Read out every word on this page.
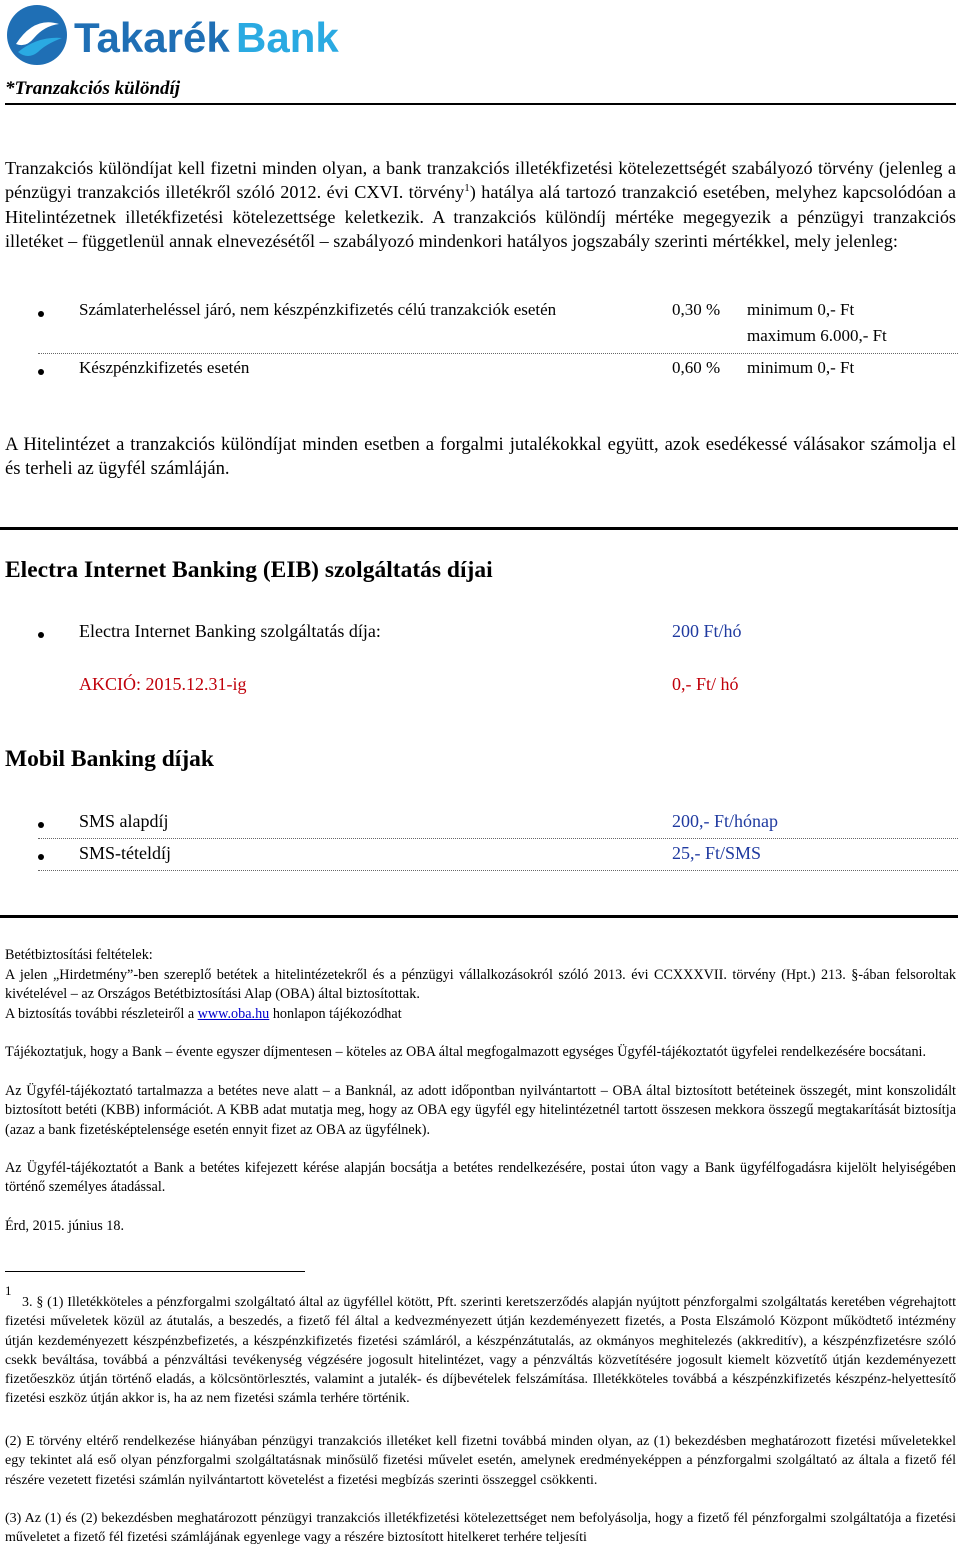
Takarék Bank
*Tranzakciós különdíj
Tranzakciós különdíjat kell fizetni minden olyan, a bank tranzakciós illetékfizetési kötelezettségét szabályozó törvény (jelenleg a pénzügyi tranzakciós illetékről szóló 2012. évi CXVI. törvény$^1$) hatálya alá tartozó tranzakció esetében, melyhez kapcsolódóan a Hitelintézetnek illetékfizetési kötelezettsége keletkezik. A tranzakciós különdíj mértéke megegyezik a pénzügyi tranzakciós illetéket – függetlenül annak elnevezésétől – szabályozó mindenkori hatályos jogszabály szerinti mértékkel, mely jelenleg:
Számlaterheléssel járó, nem készpénzkifizetés célú tranzakciók esetén	0,30 % minimum 0,- Ft
maximum 6.000,- Ft
Készpénzkifizetés esetén	0,60 % minimum 0,- Ft
A Hitelintézet a tranzakciós különdíjat minden esetben a forgalmi jutalékokkal együtt, azok esedékessé válásakor számolja el és terheli az ügyfél számláján.
Electra Internet Banking (EIB) szolgáltatás díjai
Electra Internet Banking szolgáltatás díja:	200 Ft/hó
AKCIÓ: 2015.12.31-ig	0,- Ft/ hó
Mobil Banking díjak
SMS alapdíj	200,- Ft/hónap
SMS-tételdíj	25,- Ft/SMS
Betétbiztosítási feltételek:
A jelen „Hirdetmény”-ben szereplő betétek a hitelintézetekről és a pénzügyi vállalkozásokról szóló 2013. évi CCXXXVII. törvény (Hpt.) 213. §-ában felsoroltak kivételével – az Országos Betétbiztosítási Alap (OBA) által biztosítottak.
A biztosítás további részleteiről a www.oba.hu honlapon tájékozódhat
Tájékoztatjuk, hogy a Bank – évente egyszer díjmentesen – köteles az OBA által megfogalmazott egységes Ügyfél-tájékoztatót ügyfelei rendelkezésére bocsátani.
Az Ügyfél-tájékoztató tartalmazza a betétes neve alatt – a Banknál, az adott időpontban nyilvántartott – OBA által biztosított betéteinek összegét, mint konszolidált biztosított betéti (KBB) információt. A KBB adat mutatja meg, hogy az OBA egy ügyfél egy hitelintézetnél tartott összesen mekkora összegű megtakarítását biztosítja (azaz a bank fizetésképtelensége esetén ennyit fizet az OBA az ügyfélnek).
Az Ügyfél-tájékoztatót a Bank a betétes kifejezett kérése alapján bocsátja a betétes rendelkezésére, postai úton vagy a Bank ügyfélfogadásra kijelölt helyiségében történő személyes átadással.
Érd, 2015. június 18.
1
3. § (1) Illetékköteles a pénzforgalmi szolgáltató által az ügyféllel kötött, Pft. szerinti keretszerződés alapján nyújtott pénzforgalmi szolgáltatás keretében végrehajtott fizetési műveletek közül az átutalás, a beszedés, a fizető fél által a kedvezményezett útján kezdeményezett fizetés, a Posta Elszámoló Központ működtető intézmény útján kezdeményezett készpénzbefizetés, a készpénzkifizetés fizetési számláról, a készpénzátutalás, az okmányos meghitelezés (akkreditív), a készpénzfizetésre szóló csekk beváltása, továbbá a pénzváltási tevékenység végzésére jogosult hitelintézet, vagy a pénzváltás közvetítésére jogosult kiemelt közvetítő útján kezdeményezett fizetőeszköz útján történő eladás, a kölcsöntörlesztés, valamint a jutalék- és díjbevételek felszámítása. Illetékköteles továbbá a készpénzkifizetés készpénz-helyettesítő fizetési eszköz útján akkor is, ha az nem fizetési számla terhére történik.
(2) E törvény eltérő rendelkezése hiányában pénzügyi tranzakciós illetéket kell fizetni továbbá minden olyan, az (1) bekezdésben meghatározott fizetési műveletekkel egy tekintet alá eső olyan pénzforgalmi szolgáltatásnak minősülő fizetési művelet esetén, amelynek eredményeképpen a pénzforgalmi szolgáltató az általa a fizető fél részére vezetett fizetési számlán nyilvántartott követelést a fizetési megbízás szerinti összeggel csökkenti.
(3) Az (1) és (2) bekezdésben meghatározott pénzügyi tranzakciós illetékfizetési kötelezettséget nem befolyásolja, hogy a fizető fél pénzforgalmi szolgáltatója a fizetési műveletet a fizető fél fizetési számlájának egyenlege vagy a részére biztosított hitelkeret terhére teljesíti
